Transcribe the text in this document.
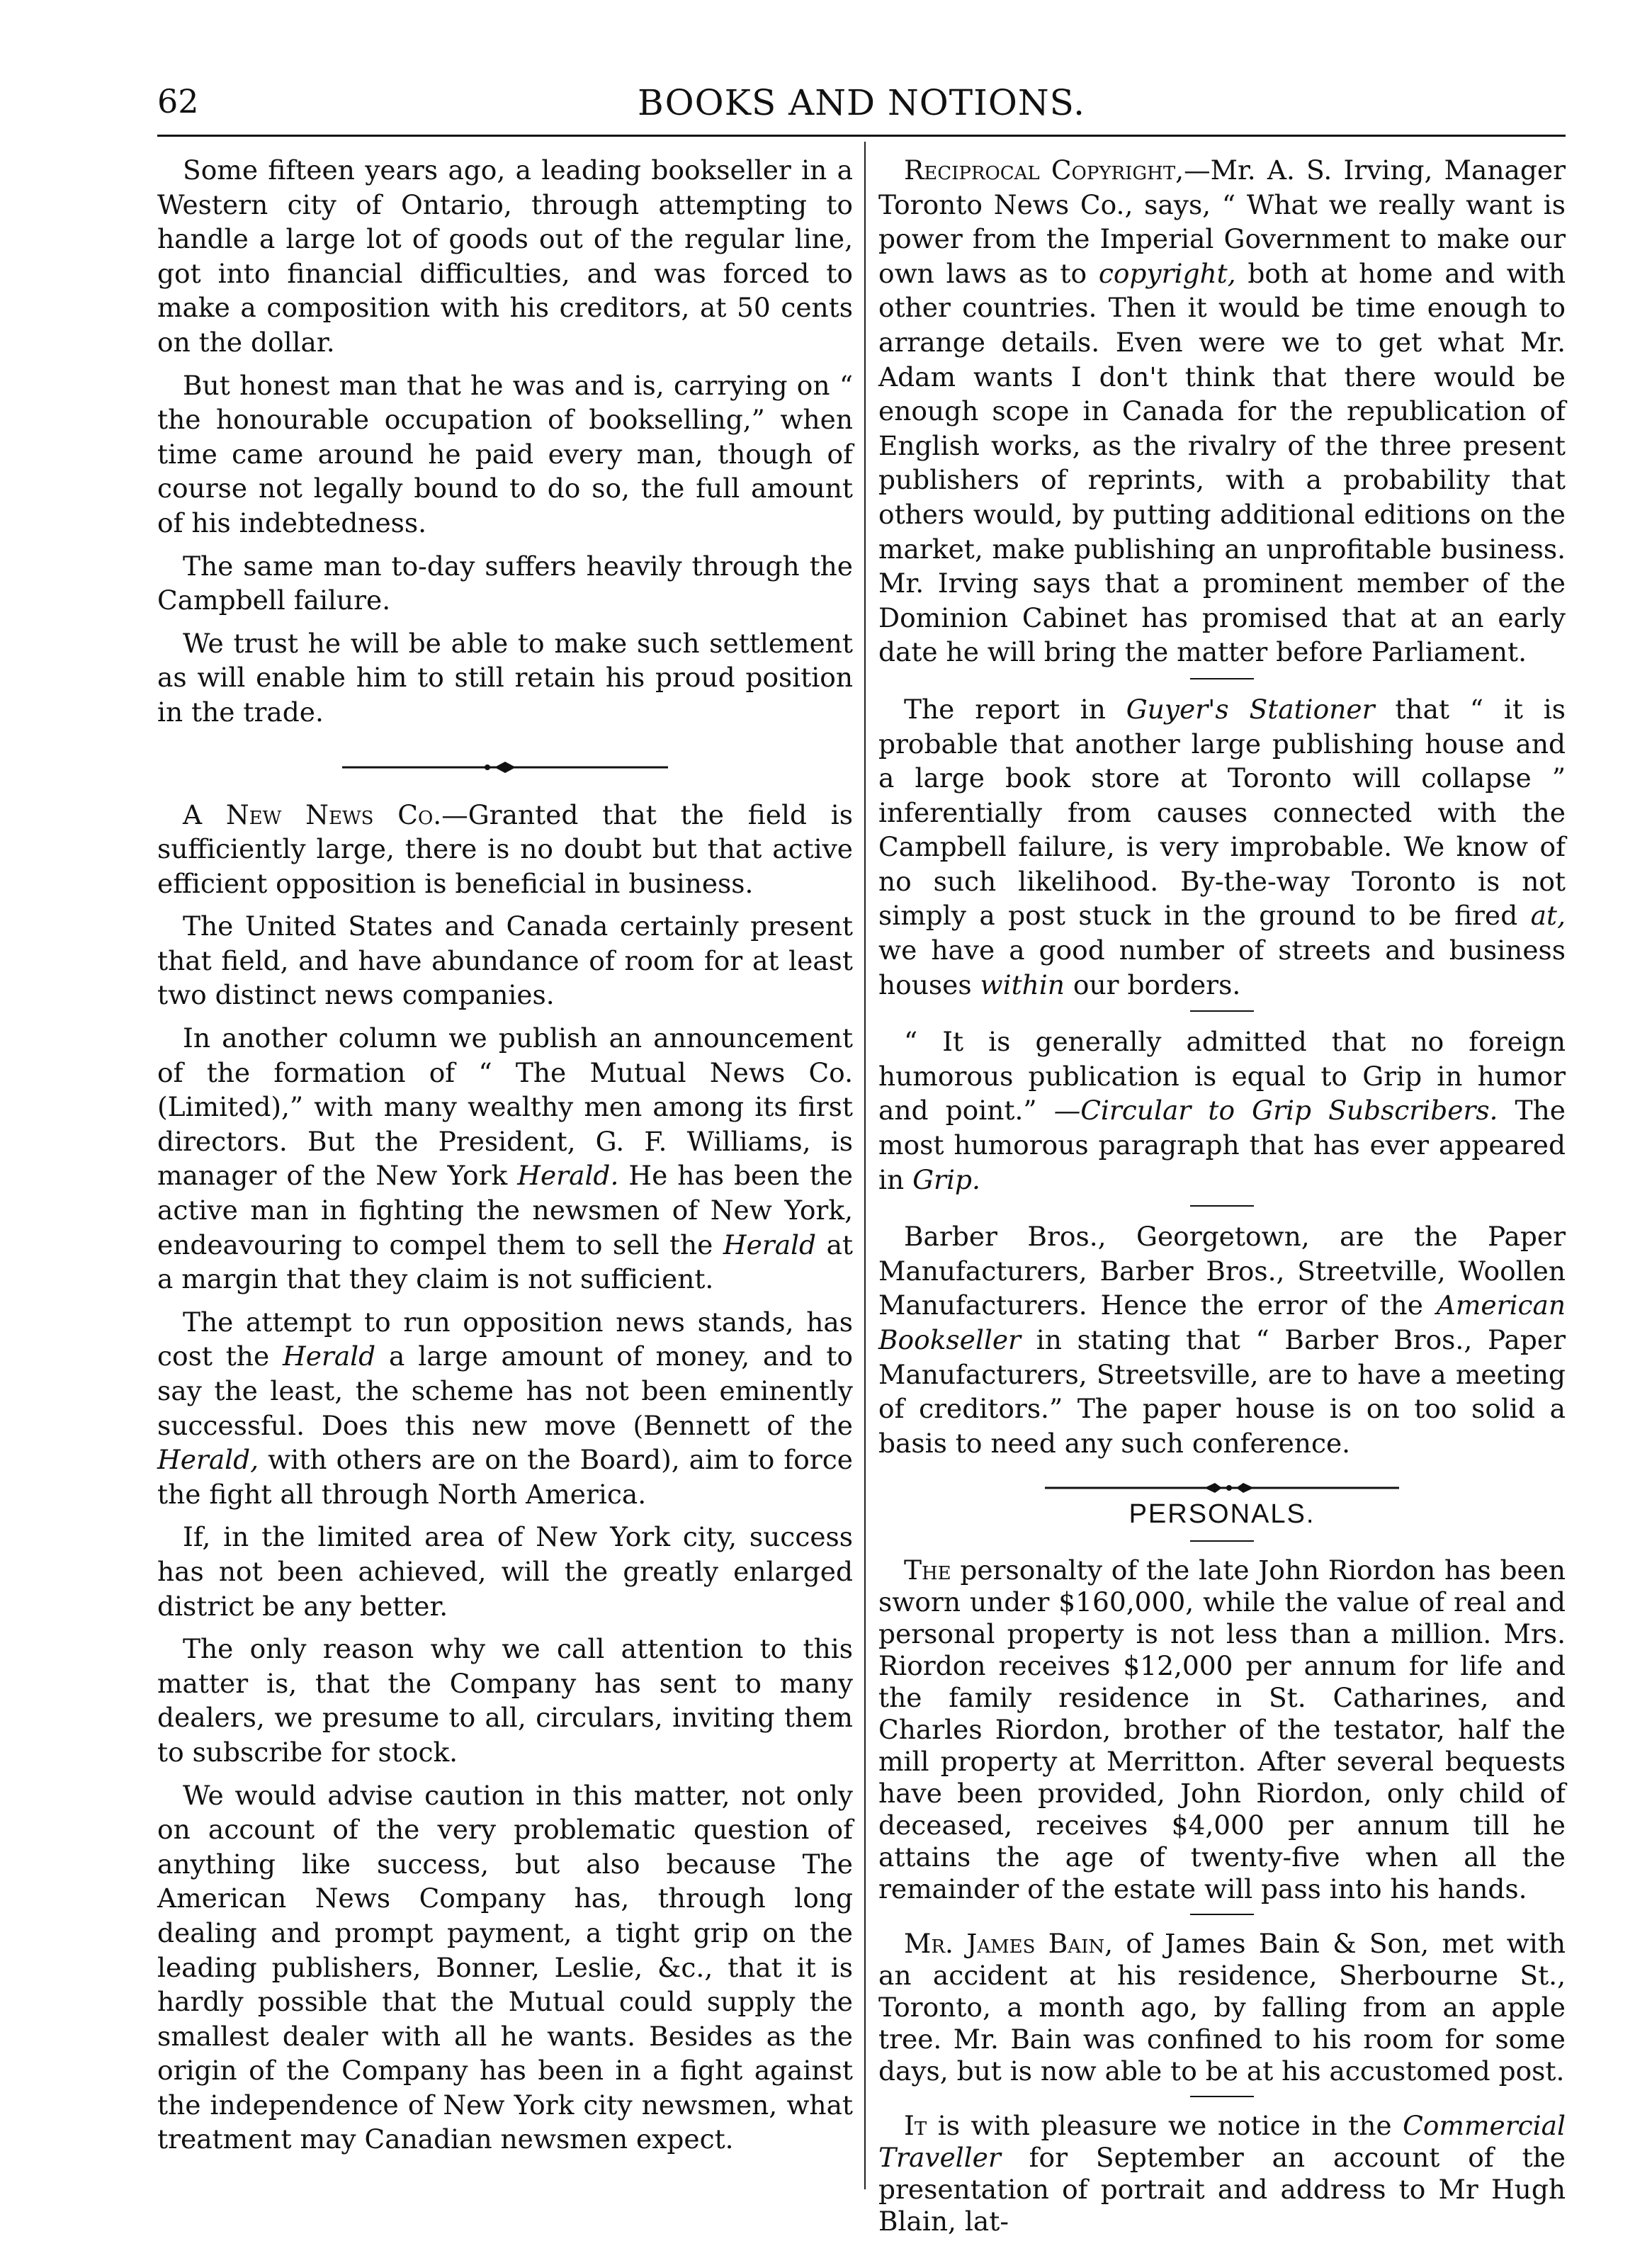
62	BOOKS AND NOTIONS.

Some fifteen years ago, a leading bookseller in a Western city of Ontario, through attempting to handle a large lot of goods out of the regular line, got into financial difficulties, and was forced to make a composition with his creditors, at 50 cents on the dollar.

But honest man that he was and is, carrying on “ the honourable occupation of bookselling,” when time came around he paid every man, though of course not legally bound to do so, the full amount of his indebtedness.

The same man to-day suffers heavily through the Campbell failure.

We trust he will be able to make such settlement as will enable him to still retain his proud position in the trade.

A New News Co.—Granted that the field is sufficiently large, there is no doubt but that active efficient opposition is beneficial in business.

The United States and Canada certainly present that field, and have abundance of room for at least two distinct news companies.

In another column we publish an announcement of the formation of “ The Mutual News Co. (Limited),” with many wealthy men among its first directors. But the President, G. F. Williams, is manager of the New York Herald. He has been the active man in fighting the newsmen of New York, endeavouring to compel them to sell the Herald at a margin that they claim is not sufficient.

The attempt to run opposition news stands, has cost the Herald a large amount of money, and to say the least, the scheme has not been eminently successful. Does this new move (Bennett of the Herald, with others are on the Board), aim to force the fight all through North America.

If, in the limited area of New York city, success has not been achieved, will the greatly enlarged district be any better.

The only reason why we call attention to this matter is, that the Company has sent to many dealers, we presume to all, circulars, inviting them to subscribe for stock.

We would advise caution in this matter, not only on account of the very problematic question of anything like success, but also because The American News Company has, through long dealing and prompt payment, a tight grip on the leading publishers, Bonner, Leslie, &c., that it is hardly possible that the Mutual could supply the smallest dealer with all he wants. Besides as the origin of the Company has been in a fight against the independence of New York city newsmen, what treatment may Canadian newsmen expect.

Reciprocal Copyright,—Mr. A. S. Irving, Manager Toronto News Co., says, “ What we really want is power from the Imperial Government to make our own laws as to copyright, both at home and with other countries. Then it would be time enough to arrange details. Even were we to get what Mr. Adam wants I don't think that there would be enough scope in Canada for the republication of English works, as the rivalry of the three present publishers of reprints, with a probability that others would, by putting additional editions on the market, make publishing an unprofitable business. Mr. Irving says that a prominent member of the Dominion Cabinet has promised that at an early date he will bring the matter before Parliament.

The report in Guyer's Stationer that “ it is probable that another large publishing house and a large book store at Toronto will collapse ” inferentially from causes connected with the Campbell failure, is very improbable. We know of no such likelihood. By-the-way Toronto is not simply a post stuck in the ground to be fired at, we have a good number of streets and business houses within our borders.

“ It is generally admitted that no foreign humorous publication is equal to Grip in humor and point.” —Circular to Grip Subscribers. The most humorous paragraph that has ever appeared in Grip.

Barber Bros., Georgetown, are the Paper Manufacturers, Barber Bros., Streetville, Woollen Manufacturers. Hence the error of the American Bookseller in stating that “ Barber Bros., Paper Manufacturers, Streetsville, are to have a meeting of creditors.” The paper house is on too solid a basis to need any such conference.

PERSONALS.

The personalty of the late John Riordon has been sworn under $160,000, while the value of real and personal property is not less than a million. Mrs. Riordon receives $12,000 per annum for life and the family residence in St. Catharines, and Charles Riordon, brother of the testator, half the mill property at Merritton. After several bequests have been provided, John Riordon, only child of deceased, receives $4,000 per annum till he attains the age of twenty-five when all the remainder of the estate will pass into his hands.

Mr. James Bain, of James Bain & Son, met with an accident at his residence, Sherbourne St., Toronto, a month ago, by falling from an apple tree. Mr. Bain was confined to his room for some days, but is now able to be at his accustomed post.

It is with pleasure we notice in the Commercial Traveller for September an account of the presentation of portrait and address to Mr Hugh Blain, lat-
